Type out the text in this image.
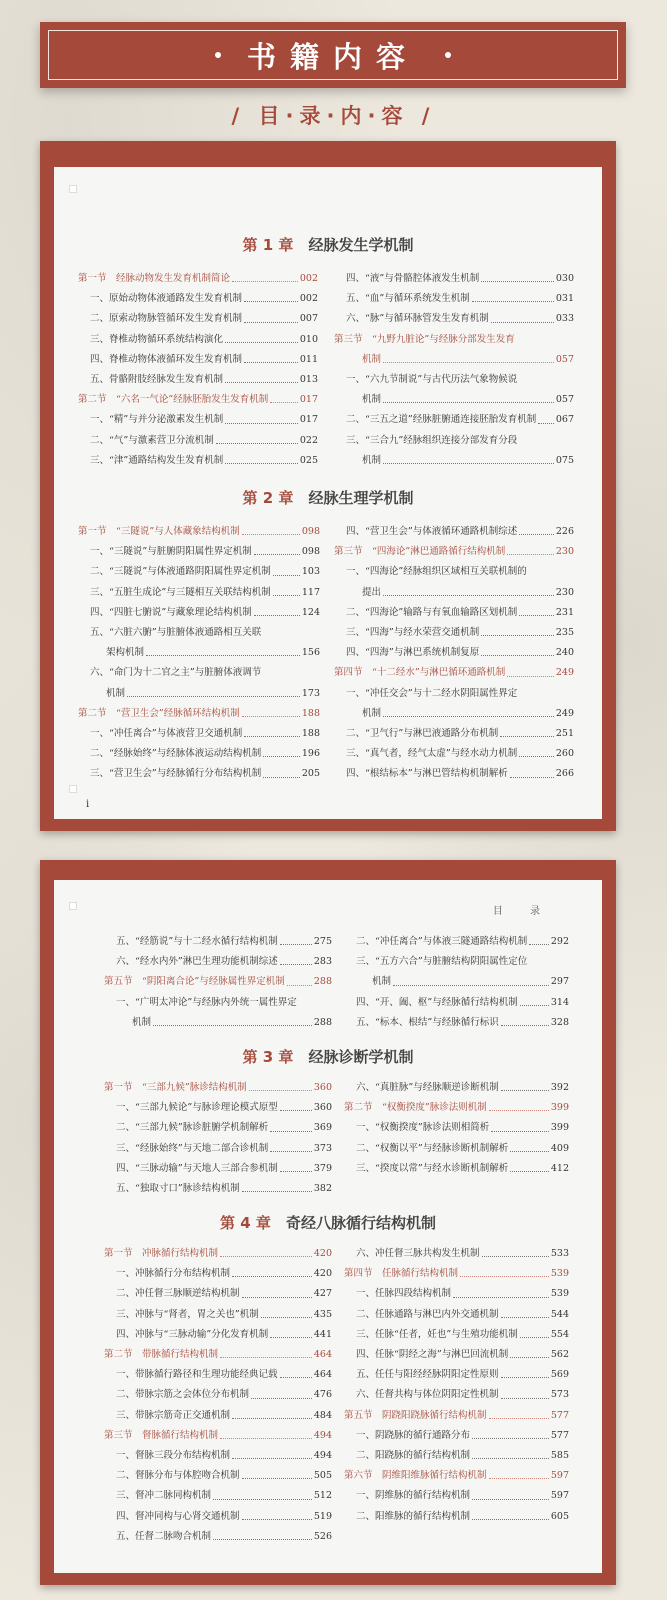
书籍内容
/ 目·录·内·容 /
第 1 章　 经脉发生学机制
第一节　经脉动物发生发育机制简论	002
一、原始动物体液通路发生发育机制	002
二、原索动物脉管循环发生发育机制	007
三、脊椎动物循环系统结构演化	010
四、脊椎动物体液循环发生发育机制	011
五、骨骼附肢经脉发生发育机制	013
第二节　“六名一气论”经脉胚胎发生发育机制	017
一、“精”与并分泌激素发生机制	017
二、“气”与激素营卫分流机制	022
三、“津”通路结构发生发育机制	025
四、“液”与骨骼腔体液发生机制	030
五、“血”与循环系统发生机制	031
六、“脉”与循环脉管发生发育机制	033
第三节　“九野九脏论”与经脉分部发生发育
机制	057
一、“六九节制说”与古代历法气象物候说
机制	057
二、“三五之道”经脉脏腑通连接胚胎发育机制 067
三、“三合九”经脉组织连接分部发育分段
机制	075
第 2 章　 经脉生理学机制
第一节　“三隧说”与人体藏象结构机制	098
一、“三隧说”与脏腑阴阳属性界定机制	098
二、“三隧说”与体液通路阴阳属性界定机制	103
三、“五脏生成论”与三隧相互关联结构机制	117
四、“四脏七腑说”与藏象理论结构机制	124
五、“六脏六腑”与脏腑体液通路相互关联
架构机制	156
六、“命门为十二官之主”与脏腑体液调节
机制	173
第二节　“营卫生会”经脉循环结构机制	188
一、“冲任离合”与体液营卫交通机制	188
二、“经脉始终”与经脉体液运动结构机制	196
三、“营卫生会”与经脉循行分布结构机制	205
四、“营卫生会”与体液循环通路机制综述	226
第三节　“四海论”淋巴通路循行结构机制	230
一、“四海论”经脉组织区域相互关联机制的
提出	230
二、“四海论”输路与有氧血输路区划机制	231
三、“四海”与经水荣营交通机制	235
四、“四海”与淋巴系统机制复原	240
第四节　“十二经水”与淋巴循环通路机制	249
一、“冲任交会”与十二经水阴阳属性界定
机制	249
二、“卫气行”与淋巴液通路分布机制	251
三、“真气者，经气太虚”与经水动力机制	260
四、“根结标本”与淋巴管结构机制解析	266
i
目 录
五、“经筋说”与十二经水循行结构机制	275
六、“经水内外”淋巴生理功能机制综述	283
第五节　“阴阳离合论”与经脉属性界定机制	288
一、“广明太冲论”与经脉内外统一属性界定
机制	288
二、“冲任离合”与体液三隧通路结构机制 292
三、“五方六合”与脏腑结构阴阳属性定位
机制	297
四、“开、阖、枢”与经脉循行结构机制	314
五、“标本、根结”与经脉循行标识	328
第 3 章　 经脉诊断学机制
第一节　“三部九候”脉诊结构机制	360
一、“三部九候论”与脉诊理论模式原型	360
二、“三部九候”脉诊脏腑学机制解析	369
三、“经脉始终”与天地二部合诊机制	373
四、“三脉动输”与天地人三部合参机制	379
五、“独取寸口”脉诊结构机制	382
六、“真脏脉”与经脉顺逆诊断机制	392
第二节　“权衡揆度”脉诊法则机制	399
一、“权衡揆度”脉诊法则相简析	399
二、“权衡以平”与经脉诊断机制解析	409
三、“揆度以常”与经水诊断机制解析	412
第 4 章　 奇经八脉循行结构机制
第一节　冲脉循行结构机制	420
一、冲脉循行分布结构机制	420
二、冲任督三脉顺逆结构机制	427
三、冲脉与“肾者，胃之关也”机制	435
四、冲脉与“三脉动输”分化发育机制	441
第二节　带脉循行结构机制	464
一、带脉循行路径和生理功能经典记载	464
二、带脉宗筋之会体位分布机制	476
三、带脉宗筋奇正交通机制	484
第三节　督脉循行结构机制	494
一、督脉三段分布结构机制	494
二、督脉分布与体腔吻合机制	505
三、督冲二脉同构机制	512
四、督冲同构与心肾交通机制	519
五、任督二脉吻合机制	526
六、冲任督三脉共构发生机制	533
第四节　任脉循行结构机制	539
一、任脉四段结构机制	539
二、任脉通路与淋巴内外交通机制	544
三、任脉“任者，妊也”与生殖功能机制	554
四、任脉“阴经之海”与淋巴回流机制	562
五、任任与阳经经脉阴阳定性原则	569
六、任督共构与体位阴阳定性机制	573
第五节　阴跷阳跷脉循行结构机制	577
一、阴跷脉的循行通路分布	577
二、阳跷脉的循行结构机制	585
第六节　阴维阳维脉循行结构机制	597
一、阴维脉的循行结构机制	597
二、阳维脉的循行结构机制	605
